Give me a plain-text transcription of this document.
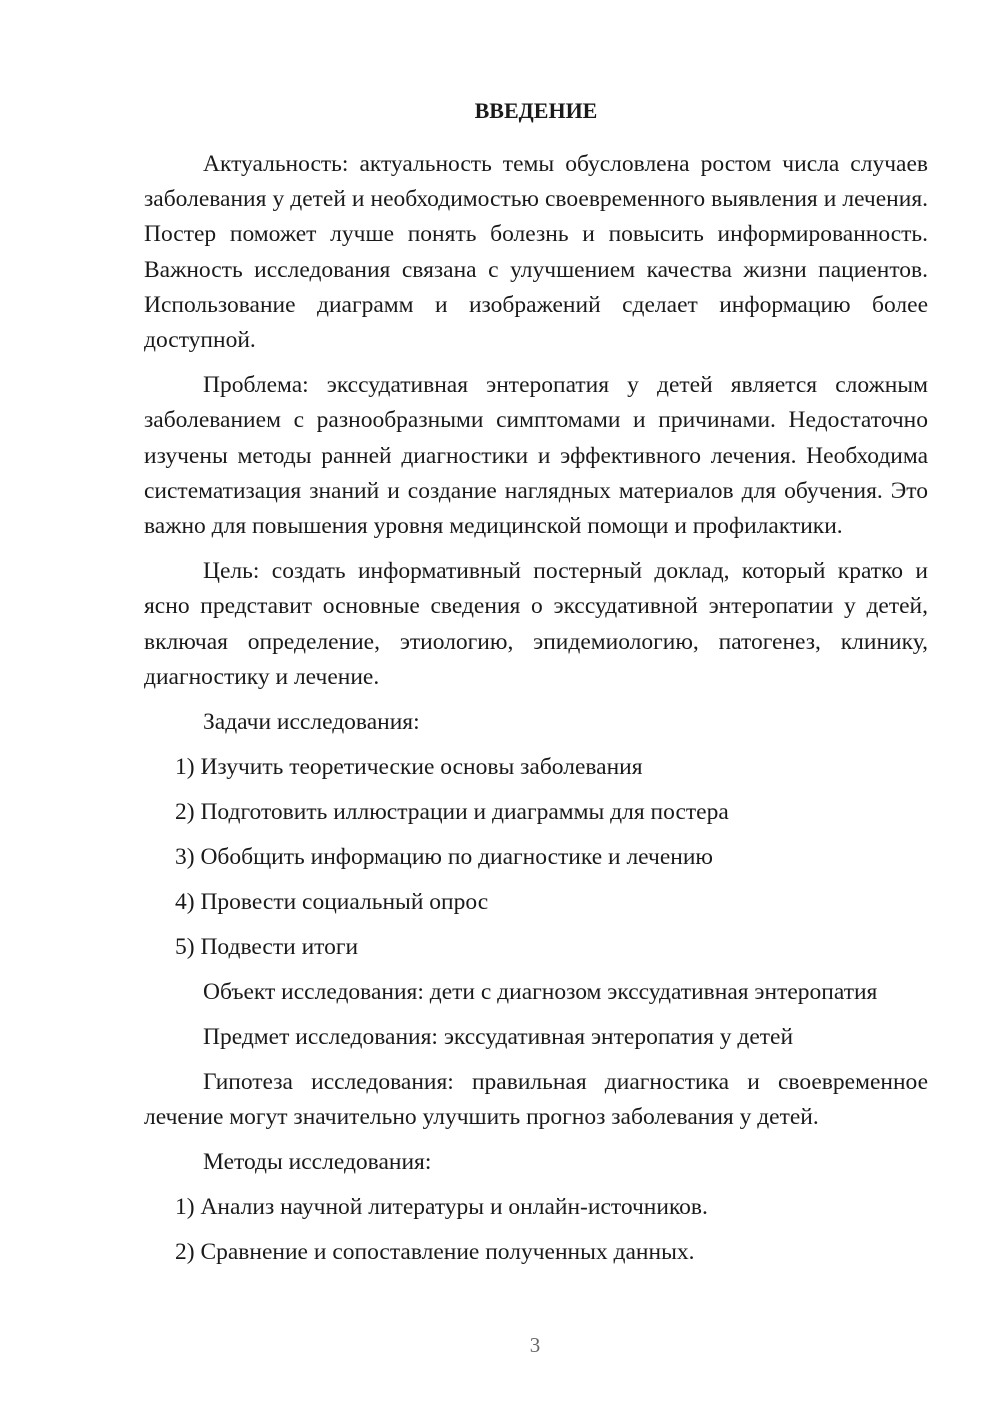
ВВЕДЕНИЕ
Актуальность: актуальность темы обусловлена ростом числа случаев заболевания у детей и необходимостью своевременного выявления и лечения. Постер поможет лучше понять болезнь и повысить информированность. Важность исследования связана с улучшением качества жизни пациентов. Использование диаграмм и изображений сделает информацию более доступной.
Проблема: экссудативная энтеропатия у детей является сложным заболеванием с разнообразными симптомами и причинами. Недостаточно изучены методы ранней диагностики и эффективного лечения. Необходима систематизация знаний и создание наглядных материалов для обучения. Это важно для повышения уровня медицинской помощи и профилактики.
Цель: создать информативный постерный доклад, который кратко и ясно представит основные сведения о экссудативной энтеропатии у детей, включая определение, этиологию, эпидемиологию, патогенез, клинику, диагностику и лечение.
Задачи исследования:
1) Изучить теоретические основы заболевания
2) Подготовить иллюстрации и диаграммы для постера
3) Обобщить информацию по диагностике и лечению
4) Провести социальный опрос
5) Подвести итоги
Объект исследования: дети с диагнозом экссудативная энтеропатия
Предмет исследования: экссудативная энтеропатия у детей
Гипотеза исследования: правильная диагностика и своевременное лечение могут значительно улучшить прогноз заболевания у детей.
Методы исследования:
1) Анализ научной литературы и онлайн-источников.
2) Сравнение и сопоставление полученных данных.
3
